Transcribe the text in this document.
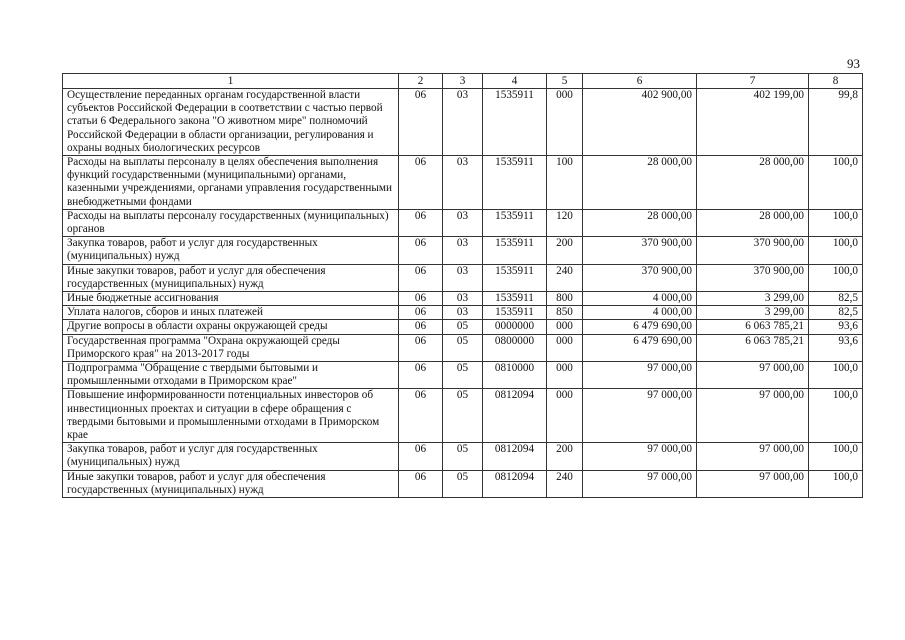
93
1	2	3	4	5	6	7	8
Осуществление переданных органам государственной власти субъектов Российской Федерации в соответствии с частью первой статьи 6 Федерального закона "О животном мире" полномочий Российской Федерации в области организации, регулирования и охраны водных биологических ресурсов	06	03	1535911	000	402 900,00	402 199,00	99,8
Расходы на выплаты персоналу в целях обеспечения выполнения функций государственными (муниципальными) органами, казенными учреждениями, органами управления государственными внебюджетными фондами	06	03	1535911	100	28 000,00	28 000,00	100,0
Расходы на выплаты персоналу государственных (муниципальных) органов	06	03	1535911	120	28 000,00	28 000,00	100,0
Закупка товаров, работ и услуг для государственных (муниципальных) нужд	06	03	1535911	200	370 900,00	370 900,00	100,0
Иные закупки товаров, работ и услуг для обеспечения государственных (муниципальных) нужд	06	03	1535911	240	370 900,00	370 900,00	100,0
Иные бюджетные ассигнования	06	03	1535911	800	4 000,00	3 299,00	82,5
Уплата налогов, сборов и иных платежей	06	03	1535911	850	4 000,00	3 299,00	82,5
Другие вопросы в области охраны окружающей среды	06	05	0000000	000	6 479 690,00	6 063 785,21	93,6
Государственная программа "Охрана окружающей среды Приморского края" на 2013-2017 годы	06	05	0800000	000	6 479 690,00	6 063 785,21	93,6
Подпрограмма "Обращение с твердыми бытовыми и промышленными отходами в Приморском крае"	06	05	0810000	000	97 000,00	97 000,00	100,0
Повышение информированности потенциальных инвесторов об инвестиционных проектах и ситуации в сфере обращения с твердыми бытовыми и промышленными отходами в Приморском крае	06	05	0812094	000	97 000,00	97 000,00	100,0
Закупка товаров, работ и услуг для государственных (муниципальных) нужд	06	05	0812094	200	97 000,00	97 000,00	100,0
Иные закупки товаров, работ и услуг для обеспечения государственных (муниципальных) нужд	06	05	0812094	240	97 000,00	97 000,00	100,0
